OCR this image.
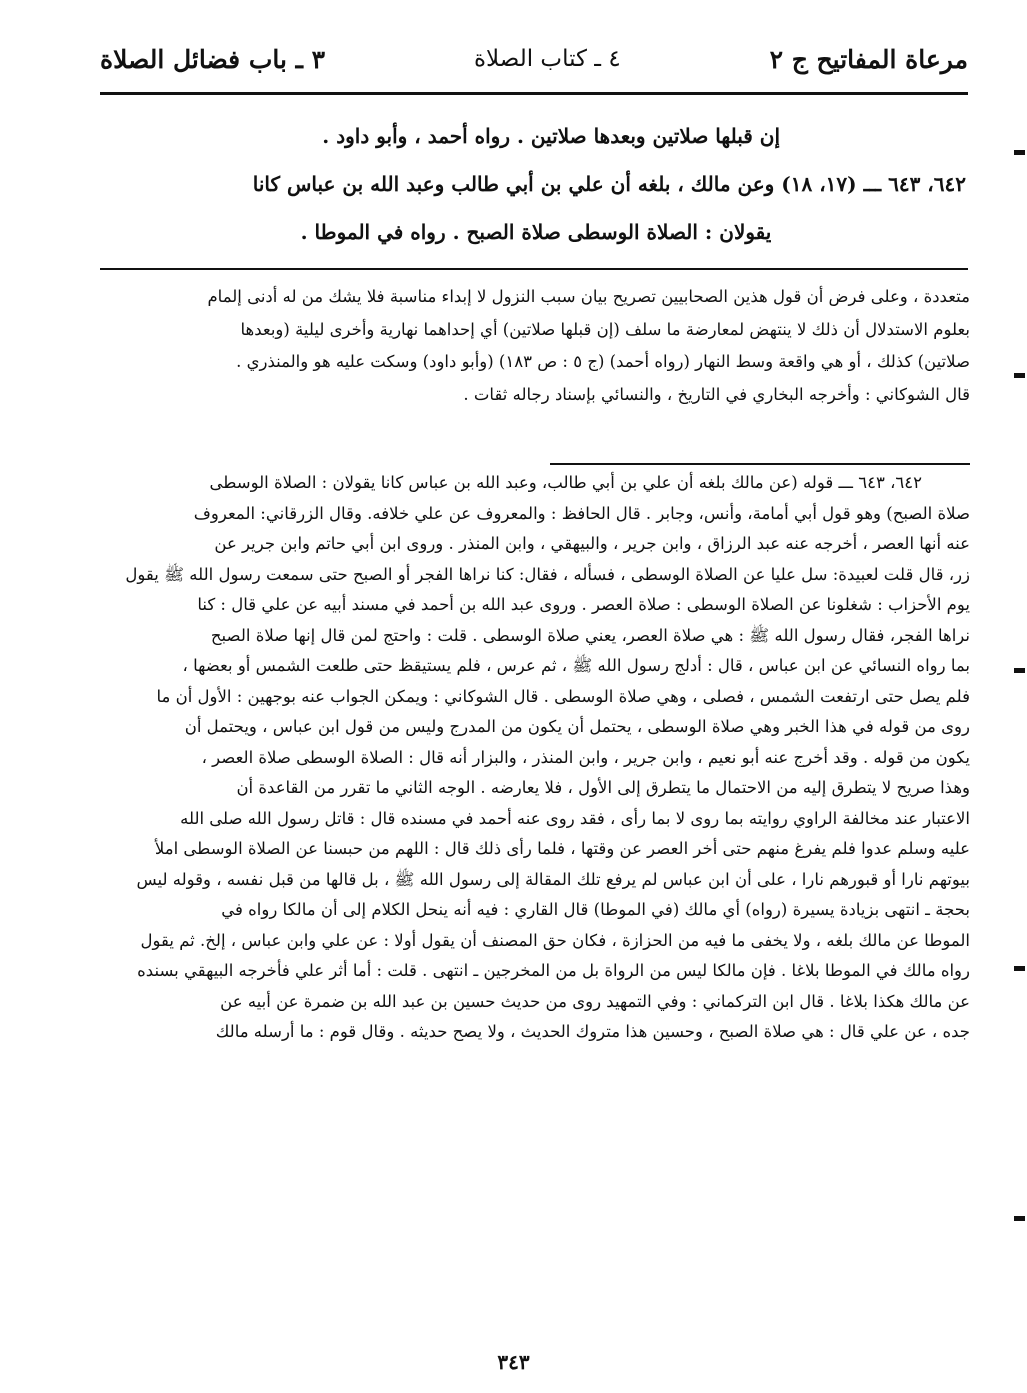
مرعاة المفاتيح ج ٢
٤ ـ كتاب الصلاة
٣ ـ باب فضائل الصلاة

إن قبلها صلاتين وبعدها صلاتين . رواه أحمد ، وأبو داود .

٦٤٢، ٦٤٣ ـــ (١٧، ١٨) وعن مالك ، بلغه أن علي بن أبي طالب وعبد الله بن عباس كانا

يقولان : الصلاة الوسطى صلاة الصبح . رواه في الموطا .

متعددة ، وعلى فرض أن قول هذين الصحابيين تصريح بيان سبب النزول لا إبداء مناسبة فلا يشك من له أدنى إلمام

بعلوم الاستدلال أن ذلك لا ينتهض لمعارضة ما سلف (إن قبلها صلاتين) أي إحداهما نهارية وأخرى ليلية (وبعدها

صلاتين) كذلك ، أو هي واقعة وسط النهار (رواه أحمد) (ج ٥ : ص ١٨٣) (وأبو داود) وسكت عليه هو والمنذري .

قال الشوكاني : وأخرجه البخاري في التاريخ ، والنسائي بإسناد رجاله ثقات .

٦٤٢، ٦٤٣ ـــ قوله (عن مالك بلغه أن علي بن أبي طالب، وعبد الله بن عباس كانا يقولان : الصلاة الوسطى

صلاة الصبح) وهو قول أبي أمامة، وأنس، وجابر . قال الحافظ : والمعروف عن علي خلافه. وقال الزرقاني: المعروف

عنه أنها العصر ، أخرجه عنه عبد الرزاق ، وابن جرير ، والبيهقي ، وابن المنذر . وروى ابن أبي حاتم وابن جرير عن

زر، قال قلت لعبيدة: سل عليا عن الصلاة الوسطى ، فسأله ، فقال: كنا نراها الفجر أو الصبح حتى سمعت رسول الله ﷺ يقول

يوم الأحزاب : شغلونا عن الصلاة الوسطى : صلاة العصر . وروى عبد الله بن أحمد في مسند أبيه عن علي قال : كنا

نراها الفجر، فقال رسول الله ﷺ : هي صلاة العصر، يعني صلاة الوسطى . قلت : واحتج لمن قال إنها صلاة الصبح

بما رواه النسائي عن ابن عباس ، قال : أدلج رسول الله ﷺ ، ثم عرس ، فلم يستيقظ حتى طلعت الشمس أو بعضها ،

فلم يصل حتى ارتفعت الشمس ، فصلى ، وهي صلاة الوسطى . قال الشوكاني : ويمكن الجواب عنه بوجهين : الأول أن ما

روى من قوله في هذا الخبر وهي صلاة الوسطى ، يحتمل أن يكون من المدرج وليس من قول ابن عباس ، ويحتمل أن

يكون من قوله . وقد أخرج عنه أبو نعيم ، وابن جرير ، وابن المنذر ، والبزار أنه قال : الصلاة الوسطى صلاة العصر ،

وهذا صريح لا يتطرق إليه من الاحتمال ما يتطرق إلى الأول ، فلا يعارضه . الوجه الثاني ما تقرر من القاعدة أن

الاعتبار عند مخالفة الراوي روايته بما روى لا بما رأى ، فقد روى عنه أحمد في مسنده قال : قاتل رسول الله صلى الله

عليه وسلم عدوا فلم يفرغ منهم حتى أخر العصر عن وقتها ، فلما رأى ذلك قال : اللهم من حبسنا عن الصلاة الوسطى املأ

بيوتهم نارا أو قبورهم نارا ، على أن ابن عباس لم يرفع تلك المقالة إلى رسول الله ﷺ ، بل قالها من قبل نفسه ، وقوله ليس

بحجة ـ انتهى بزيادة يسيرة (رواه) أي مالك (في الموطا) قال القاري : فيه أنه ينحل الكلام إلى أن مالكا رواه في

الموطا عن مالك بلغه ، ولا يخفى ما فيه من الحزازة ، فكان حق المصنف أن يقول أولا : عن علي وابن عباس ، إلخ. ثم يقول

رواه مالك في الموطا بلاغا . فإن مالكا ليس من الرواة بل من المخرجين ـ انتهى . قلت : أما أثر علي فأخرجه البيهقي بسنده

عن مالك هكذا بلاغا . قال ابن التركماني : وفي التمهيد روى من حديث حسين بن عبد الله بن ضمرة عن أبيه عن

جده ، عن علي قال : هي صلاة الصبح ، وحسين هذا متروك الحديث ، ولا يصح حديثه . وقال قوم : ما أرسله مالك

٣٤٣
